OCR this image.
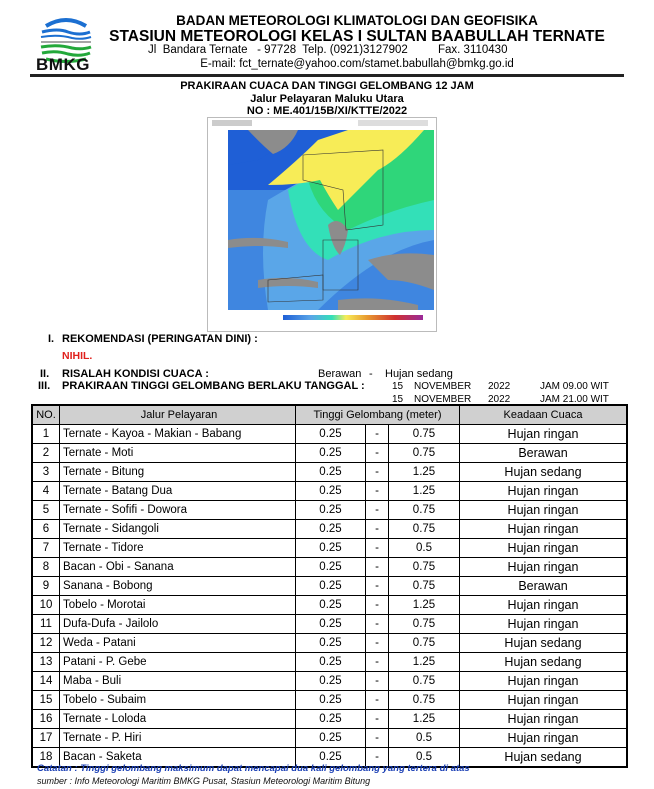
BMKG
BADAN METEOROLOGI KLIMATOLOGI DAN GEOFISIKA
STASIUN METEOROLOGI KELAS I SULTAN BAABULLAH TERNATE
Jl  Bandara Ternate   - 97728  Telp. (0921)3127902	Fax. 3110430
E-mail: fct_ternate@yahoo.com/stamet.babullah@bmkg.go.id
PRAKIRAAN CUACA DAN TINGGI GELOMBANG 12 JAM
Jalur Pelayaran Maluku Utara
NO : ME.401/15B/XI/KTTE/2022
I. REKOMENDASI (PERINGATAN DINI) :
NIHIL.
II. RISALAH KONDISI CUACA :	Berawan - Hujan sedang
III. PRAKIRAAN TINGGI GELOMBANG BERLAKU TANGGAL :	15 NOVEMBER 2022	JAM 09.00 WIT
15 NOVEMBER 2022	JAM 21.00 WIT
NO.	Jalur Pelayaran	Tinggi Gelombang (meter)			Keadaan Cuaca
1	Ternate - Kayoa - Makian - Babang	0.25	-	0.75	Hujan ringan
2	Ternate - Moti	0.25	-	0.75	Berawan
3	Ternate - Bitung	0.25	-	1.25	Hujan sedang
4	Ternate - Batang Dua	0.25	-	1.25	Hujan ringan
5	Ternate - Sofifi - Dowora	0.25	-	0.75	Hujan ringan
6	Ternate - Sidangoli	0.25	-	0.75	Hujan ringan
7	Ternate - Tidore	0.25	-	0.5	Hujan ringan
8	Bacan - Obi - Sanana	0.25	-	0.75	Hujan ringan
9	Sanana - Bobong	0.25	-	0.75	Berawan
10	Tobelo - Morotai	0.25	-	1.25	Hujan ringan
11	Dufa-Dufa - Jailolo	0.25	-	0.75	Hujan ringan
12	Weda - Patani	0.25	-	0.75	Hujan sedang
13	Patani - P. Gebe	0.25	-	1.25	Hujan sedang
14	Maba - Buli	0.25	-	0.75	Hujan ringan
15	Tobelo - Subaim	0.25	-	0.75	Hujan ringan
16	Ternate - Loloda	0.25	-	1.25	Hujan ringan
17	Ternate - P. Hiri	0.25	-	0.5	Hujan ringan
18	Bacan - Saketa	0.25	-	0.5	Hujan sedang
Catatan : Tinggi gelombang maksimum dapat mencapai dua kali gelombang yang tertera di atas
sumber : Info Meteorologi Maritim BMKG Pusat, Stasiun Meteorologi Maritim Bitung
